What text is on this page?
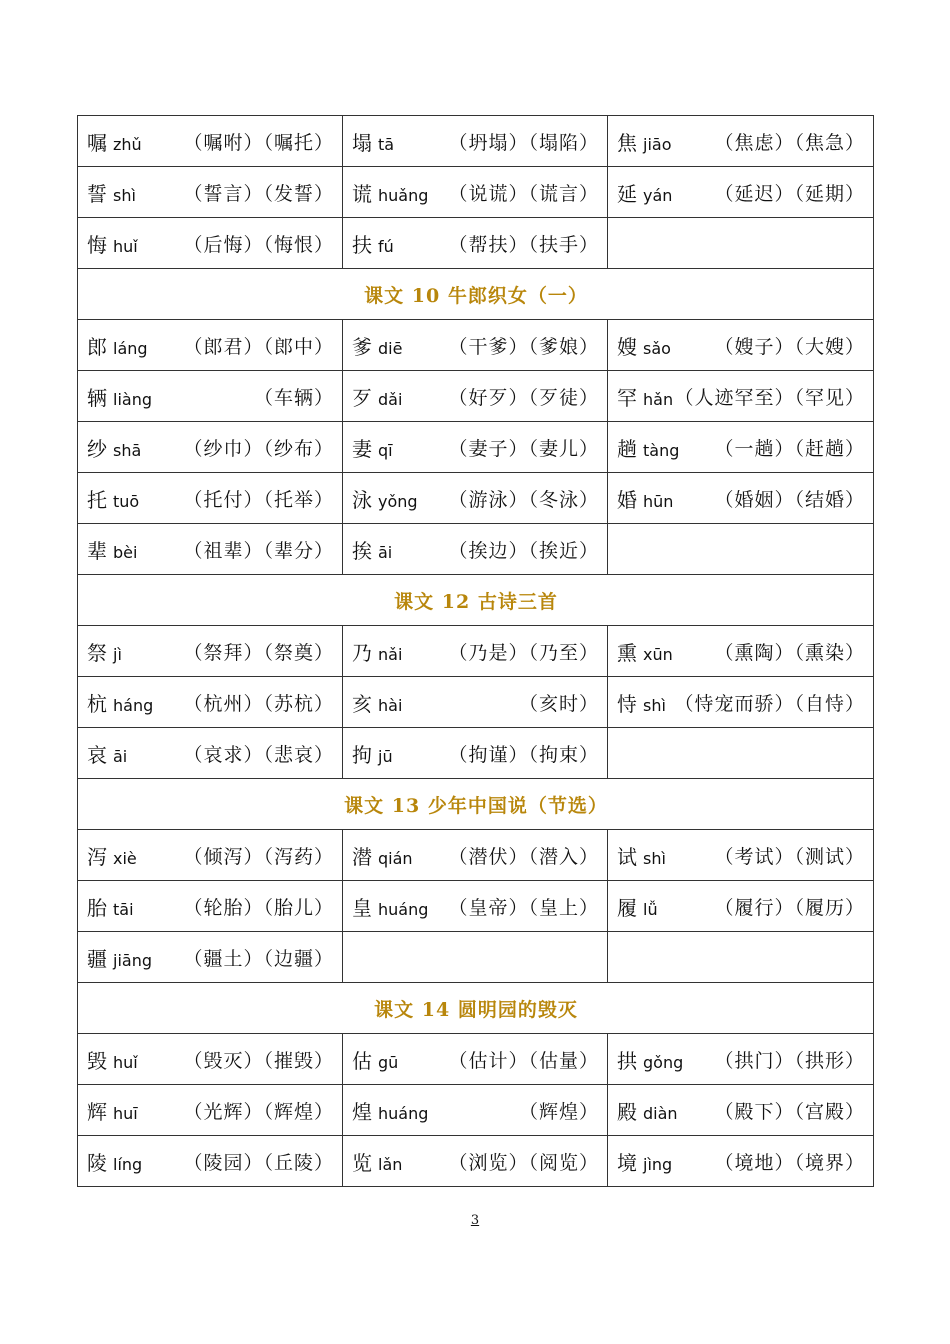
嘱 zhǔ （嘱咐）（嘱托）	塌 tā （坍塌）（塌陷）	焦 jiāo （焦虑）（焦急）

誓 shì （誓言）（发誓）	谎 huǎng （说谎）（谎言）	延 yán （延迟）（延期）

悔 huǐ （后悔）（悔恨）	扶 fú （帮扶）（扶手）	

课文 10 牛郎织女（一）		

郎 láng （郎君）（郎中）	爹 diē （干爹）（爹娘）	嫂 sǎo （嫂子）（大嫂）

辆 liàng （车辆）	歹 dǎi （好歹）（歹徒）	罕 hǎn （人迹罕至）（罕见）

纱 shā （纱巾）（纱布）	妻 qī （妻子）（妻儿）	趟 tàng （一趟）（赶趟）

托 tuō （托付）（托举）	泳 yǒng （游泳）（冬泳）	婚 hūn （婚姻）（结婚）

辈 bèi （祖辈）（辈分）	挨 āi （挨边）（挨近）	

课文 12 古诗三首		

祭 jì （祭拜）（祭奠）	乃 nǎi （乃是）（乃至）	熏 xūn （熏陶）（熏染）

杭 háng （杭州）（苏杭）	亥 hài （亥时）	恃 shì （恃宠而骄）（自恃）

哀 āi （哀求）（悲哀）	拘 jū （拘谨）（拘束）	

课文 13 少年中国说（节选）		

泻 xiè （倾泻）（泻药）	潜 qián （潜伏）（潜入）	试 shì （考试）（测试）

胎 tāi （轮胎）（胎儿）	皇 huáng （皇帝）（皇上）	履 lǚ （履行）（履历）

疆 jiāng （疆土）（边疆）		

课文 14 圆明园的毁灭		

毁 huǐ （毁灭）（摧毁）	估 gū （估计）（估量）	拱 gǒng （拱门）（拱形）

辉 huī （光辉）（辉煌）	煌 huáng （辉煌）	殿 diàn （殿下）（宫殿）

陵 líng （陵园）（丘陵）	览 lǎn （浏览）（阅览）	境 jìng （境地）（境界）
3
